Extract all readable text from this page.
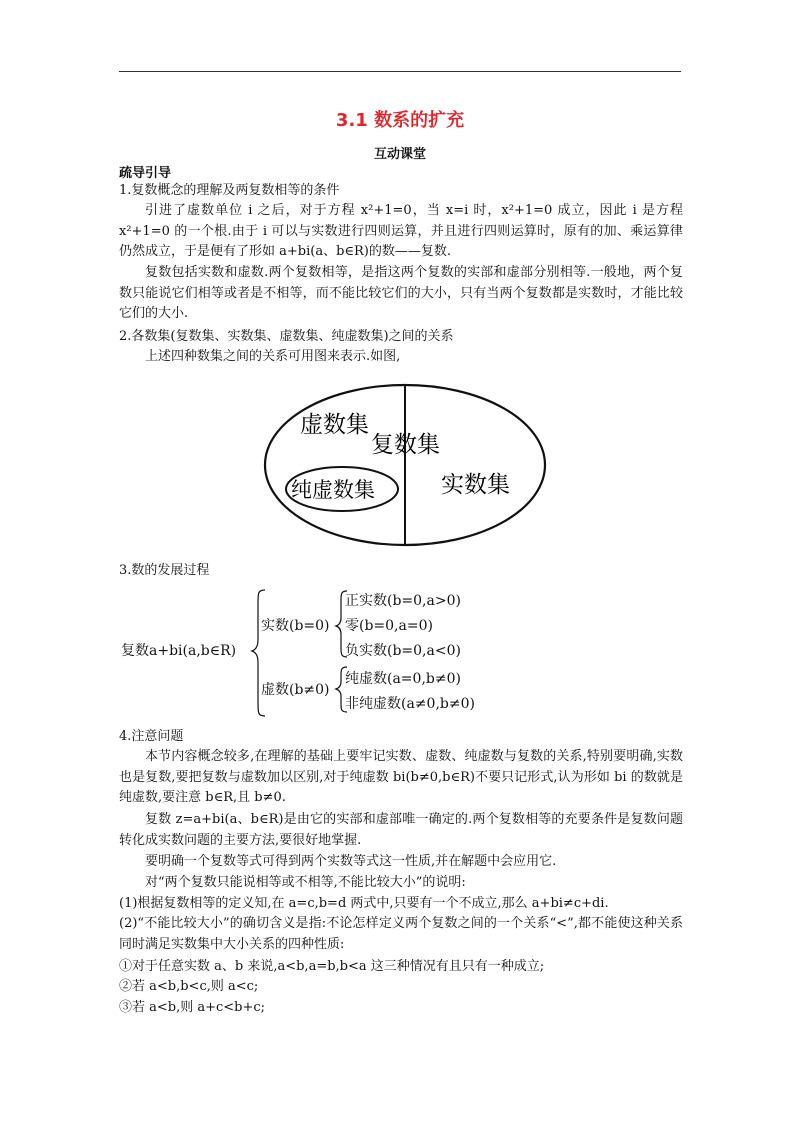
3.1 数系的扩充
互动课堂
疏导引导
1.复数概念的理解及两复数相等的条件
引进了虚数单位 i 之后，对于方程 x²+1=0，当 x=i 时，x²+1=0 成立，因此 i 是方程 x²+1=0 的一个根.由于 i 可以与实数进行四则运算，并且进行四则运算时，原有的加、乘运算律仍然成立，于是便有了形如 a+bi(a、b∈R)的数——复数.
复数包括实数和虚数.两个复数相等，是指这两个复数的实部和虚部分别相等.一般地，两个复数只能说它们相等或者是不相等，而不能比较它们的大小，只有当两个复数都是实数时，才能比较它们的大小.
2.各数集(复数集、实数集、虚数集、纯虚数集)之间的关系
上述四种数集之间的关系可用图来表示.如图,
虚数集
复数集
纯虚数集	实数集
3.数的发展过程
复数a+bi(a,b∈R)
实数(b=0)
正实数(b=0,a>0)
零(b=0,a=0)
负实数(b=0,a<0)
虚数(b≠0)
纯虚数(a=0,b≠0)
非纯虚数(a≠0,b≠0)
4.注意问题
本节内容概念较多,在理解的基础上要牢记实数、虚数、纯虚数与复数的关系,特别要明确,实数也是复数,要把复数与虚数加以区别,对于纯虚数 bi(b≠0,b∈R)不要只记形式,认为形如 bi 的数就是纯虚数,要注意 b∈R,且 b≠0.
复数 z=a+bi(a、b∈R)是由它的实部和虚部唯一确定的.两个复数相等的充要条件是复数问题转化成实数问题的主要方法,要很好地掌握.
要明确一个复数等式可得到两个实数等式这一性质,并在解题中会应用它.
对“两个复数只能说相等或不相等,不能比较大小”的说明:
(1)根据复数相等的定义知,在 a=c,b=d 两式中,只要有一个不成立,那么 a+bi≠c+di.
(2)“不能比较大小”的确切含义是指:不论怎样定义两个复数之间的一个关系“<”,都不能使这种关系同时满足实数集中大小关系的四种性质:
①对于任意实数 a、b 来说,a<b,a=b,b<a 这三种情况有且只有一种成立;
②若 a<b,b<c,则 a<c;
③若 a<b,则 a+c<b+c;
